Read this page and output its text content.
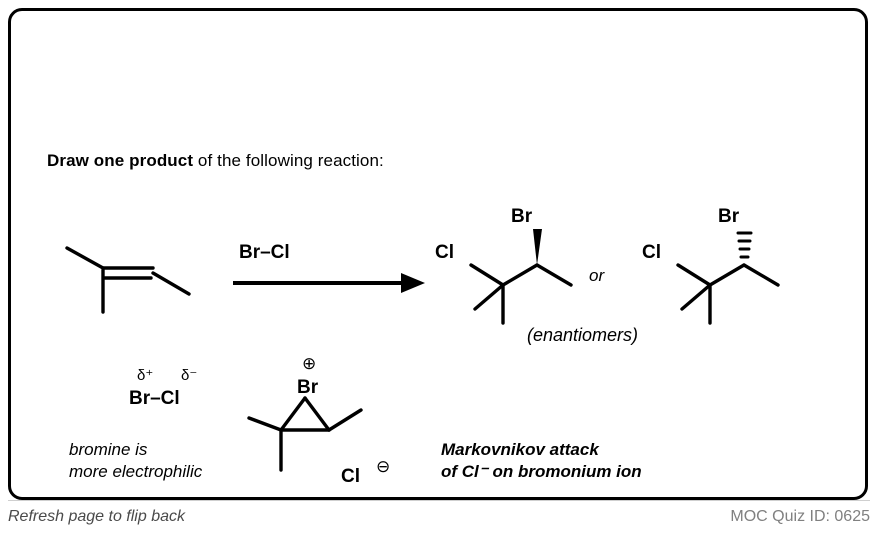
Draw one product of the following reaction:
Br–Cl
Br
Cl
or
Br
Cl
(enantiomers)
δ⁺ δ⁻
Br–Cl
bromine is
more electrophilic
⊕
Br
Cl ⊖
Markovnikov attack
of Cl⁻ on bromonium ion
Refresh page to flip back	MOC Quiz ID: 0625
